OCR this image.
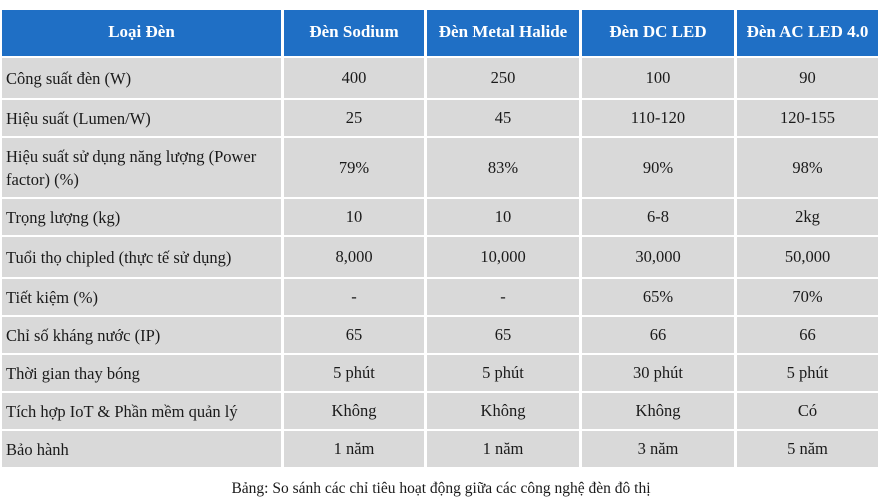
Loại Đèn	Đèn Sodium	Đèn Metal Halide	Đèn DC LED	Đèn AC LED 4.0
Công suất đèn (W)	400	250	100	90
Hiệu suất (Lumen/W)	25	45	110-120	120-155
Hiệu suất sử dụng năng lượng (Power factor) (%)	79%	83%	90%	98%
Trọng lượng (kg)	10	10	6-8	2kg
Tuổi thọ chipled (thực tế sử dụng)	8,000	10,000	30,000	50,000
Tiết kiệm (%)	-	-	65%	70%
Chỉ số kháng nước (IP)	65	65	66	66
Thời gian thay bóng	5 phút	5 phút	30 phút	5 phút
Tích hợp IoT & Phần mềm quản lý	Không	Không	Không	Có
Bảo hành	1 năm	1 năm	3 năm	5 năm
Bảng: So sánh các chỉ tiêu hoạt động giữa các công nghệ đèn đô thị
